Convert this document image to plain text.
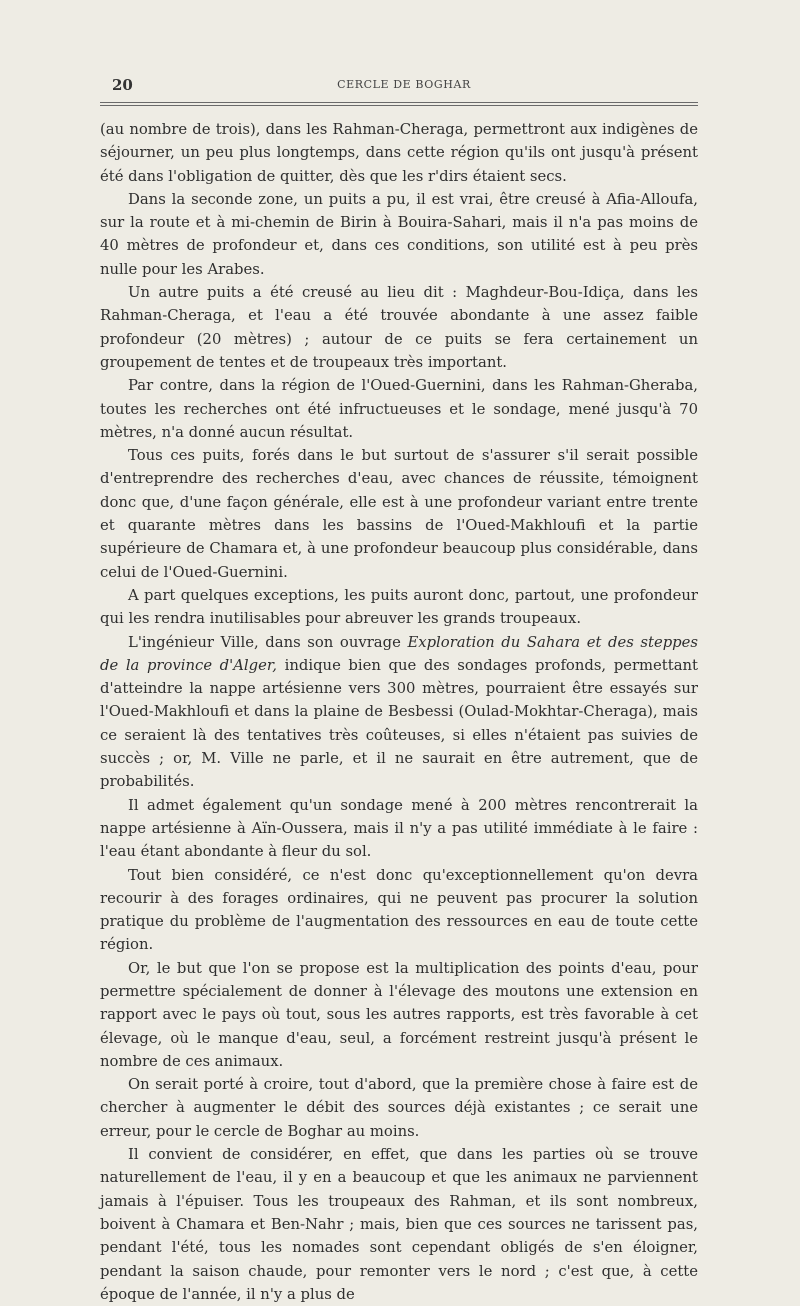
20	CERCLE DE BOGHAR

(au nombre de trois), dans les Rahman-Cheraga, permettront aux indigènes de séjourner, un peu plus longtemps, dans cette région qu'ils ont jusqu'à présent été dans l'obligation de quitter, dès que les r'dirs étaient secs.

Dans la seconde zone, un puits a pu, il est vrai, être creusé à Afia-Alloufa, sur la route et à mi-chemin de Birin à Bouira-Sahari, mais il n'a pas moins de 40 mètres de profondeur et, dans ces conditions, son utilité est à peu près nulle pour les Arabes.

Un autre puits a été creusé au lieu dit : Maghdeur-Bou-Idiça, dans les Rahman-Cheraga, et l'eau a été trouvée abondante à une assez faible profondeur (20 mètres) ; autour de ce puits se fera certainement un groupement de tentes et de troupeaux très important.

Par contre, dans la région de l'Oued-Guernini, dans les Rahman-Gheraba, toutes les recherches ont été infructueuses et le sondage, mené jusqu'à 70 mètres, n'a donné aucun résultat.

Tous ces puits, forés dans le but surtout de s'assurer s'il serait possible d'entreprendre des recherches d'eau, avec chances de réussite, témoignent donc que, d'une façon générale, elle est à une profondeur variant entre trente et quarante mètres dans les bassins de l'Oued-Makhloufi et la partie supérieure de Chamara et, à une profondeur beaucoup plus considérable, dans celui de l'Oued-Guernini.

A part quelques exceptions, les puits auront donc, partout, une profondeur qui les rendra inutilisables pour abreuver les grands troupeaux.

L'ingénieur Ville, dans son ouvrage Exploration du Sahara et des steppes de la province d'Alger, indique bien que des sondages profonds, permettant d'atteindre la nappe artésienne vers 300 mètres, pourraient être essayés sur l'Oued-Makhloufi et dans la plaine de Besbessi (Oulad-Mokhtar-Cheraga), mais ce seraient là des tentatives très coûteuses, si elles n'étaient pas suivies de succès ; or, M. Ville ne parle, et il ne saurait en être autrement, que de probabilités.

Il admet également qu'un sondage mené à 200 mètres rencontrerait la nappe artésienne à Aïn-Oussera, mais il n'y a pas utilité immédiate à le faire : l'eau étant abondante à fleur du sol.

Tout bien considéré, ce n'est donc qu'exceptionnellement qu'on devra recourir à des forages ordinaires, qui ne peuvent pas procurer la solution pratique du problème de l'augmentation des ressources en eau de toute cette région.

Or, le but que l'on se propose est la multiplication des points d'eau, pour permettre spécialement de donner à l'élevage des moutons une extension en rapport avec le pays où tout, sous les autres rapports, est très favorable à cet élevage, où le manque d'eau, seul, a forcément restreint jusqu'à présent le nombre de ces animaux.

On serait porté à croire, tout d'abord, que la première chose à faire est de chercher à augmenter le débit des sources déjà existantes ; ce serait une erreur, pour le cercle de Boghar au moins.

Il convient de considérer, en effet, que dans les parties où se trouve naturellement de l'eau, il y en a beaucoup et que les animaux ne parviennent jamais à l'épuiser. Tous les troupeaux des Rahman, et ils sont nombreux, boivent à Chamara et Ben-Nahr ; mais, bien que ces sources ne tarissent pas, pendant l'été, tous les nomades sont cependant obligés de s'en éloigner, pendant la saison chaude, pour remonter vers le nord ; c'est que, à cette époque de l'année, il n'y a plus de
